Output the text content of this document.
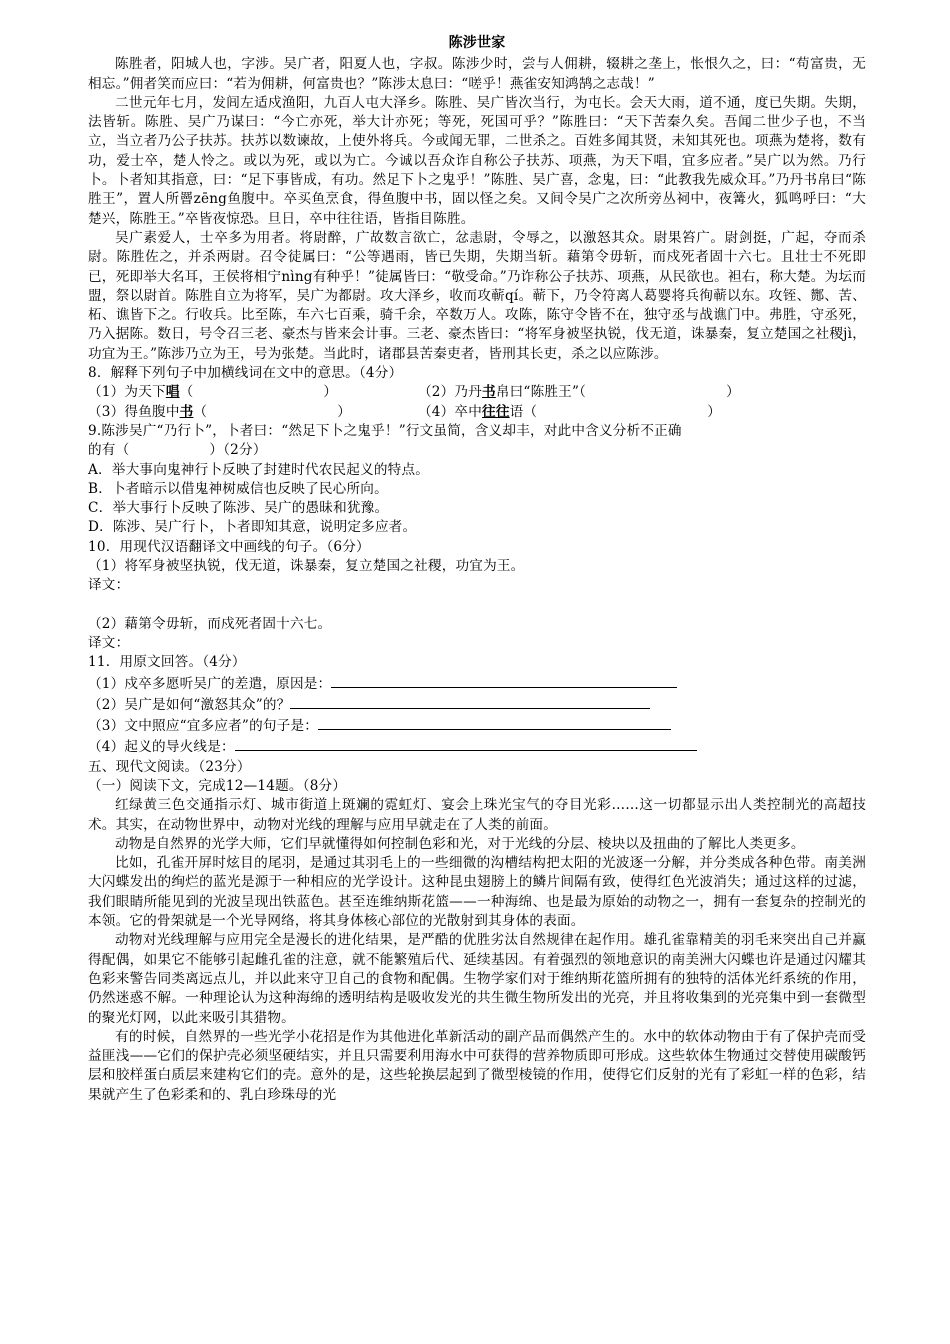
陈涉世家

陈胜者，阳城人也，字涉。吴广者，阳夏人也，字叔。陈涉少时，尝与人佣耕，辍耕之垄上，怅恨久之，曰：“苟富贵，无相忘。”佣者笑而应曰：“若为佣耕，何富贵也？”陈涉太息曰：“嗟乎！燕雀安知鸿鹄之志哉！”

二世元年七月，发闾左适戍渔阳，九百人屯大泽乡。陈胜、吴广皆次当行，为屯长。会天大雨，道不通，度已失期。失期，法皆斩。陈胜、吴广乃谋曰：“今亡亦死，举大计亦死；等死，死国可乎？”陈胜曰：“天下苦秦久矣。吾闻二世少子也，不当立，当立者乃公子扶苏。扶苏以数谏故，上使外将兵。今或闻无罪，二世杀之。百姓多闻其贤，未知其死也。项燕为楚将，数有功，爱士卒，楚人怜之。或以为死，或以为亡。今诚以吾众诈自称公子扶苏、项燕，为天下唱，宜多应者。”吴广以为然。乃行卜。卜者知其指意，曰：“足下事皆成，有功。然足下卜之鬼乎！”陈胜、吴广喜，念鬼，曰：“此教我先威众耳。”乃丹书帛曰“陈胜王”，置人所罾zēng鱼腹中。卒买鱼烹食，得鱼腹中书，固以怪之矣。又间令吴广之次所旁丛祠中，夜篝火，狐鸣呼曰：“大楚兴，陈胜王。”卒皆夜惊恐。旦日，卒中往往语，皆指目陈胜。

吴广素爱人，士卒多为用者。将尉醉，广故数言欲亡，忿恚尉，令辱之，以激怒其众。尉果笞广。尉剑挺，广起，夺而杀尉。陈胜佐之，并杀两尉。召令徒属曰：“公等遇雨，皆已失期，失期当斩。藉第令毋斩，而戍死者固十六七。且壮士不死即已，死即举大名耳，王侯将相宁nìng有种乎！”徒属皆曰：“敬受命。”乃诈称公子扶苏、项燕，从民欲也。袒右，称大楚。为坛而盟，祭以尉首。陈胜自立为将军，吴广为都尉。攻大泽乡，收而攻蕲qí。蕲下，乃令符离人葛婴将兵徇蕲以东。攻铚、酂、苦、柘、谯皆下之。行收兵。比至陈，车六七百乘，骑千余，卒数万人。攻陈，陈守令皆不在，独守丞与战谯门中。弗胜，守丞死，乃入据陈。数日，号令召三老、豪杰与皆来会计事。三老、豪杰皆曰：“将军身被坚执锐，伐无道，诛暴秦，复立楚国之社稷jì，功宜为王。”陈涉乃立为王，号为张楚。当此时，诸郡县苦秦吏者，皆刑其长吏，杀之以应陈涉。

8．解释下列句子中加横线词在文中的意思。（4分）

（1）为天下唱（	）	（2）乃丹书帛曰“陈胜王”（	）
（3）得鱼腹中书（	）	（4）卒中往往语（	）

9.陈涉吴广“乃行卜”，卜者曰：“然足下卜之鬼乎！”行文虽简，含义却丰，对此中含义分析不正确

的有（	）（2分）

A．举大事向鬼神行卜反映了封建时代农民起义的特点。

B．卜者暗示以借鬼神树威信也反映了民心所向。

C．举大事行卜反映了陈涉、吴广的愚昧和犹豫。

D．陈涉、吴广行卜，卜者即知其意，说明定多应者。

10．用现代汉语翻译文中画线的句子。（6分）

（1）将军身被坚执锐，伐无道，诛暴秦，复立楚国之社稷，功宜为王。

译文：

（2）藉第令毋斩，而戍死者固十六七。

译文：

11．用原文回答。（4分）

（1）戍卒多愿听吴广的差遣，原因是：

（2）吴广是如何“激怒其众”的？

（3）文中照应“宜多应者”的句子是：

（4）起义的导火线是：

五、现代文阅读。（23分）

（一）阅读下文，完成12—14题。（8分）

红绿黄三色交通指示灯、城市街道上斑斓的霓虹灯、宴会上珠光宝气的夺目光彩……这一切都显示出人类控制光的高超技术。其实，在动物世界中，动物对光线的理解与应用早就走在了人类的前面。

动物是自然界的光学大师，它们早就懂得如何控制色彩和光，对于光线的分层、棱块以及扭曲的了解比人类更多。

比如，孔雀开屏时炫目的尾羽，是通过其羽毛上的一些细微的沟槽结构把太阳的光波逐一分解，并分类成各种色带。南美洲大闪蝶发出的绚烂的蓝光是源于一种相应的光学设计。这种昆虫翅膀上的鳞片间隔有致，使得红色光波消失；通过这样的过滤，我们眼睛所能见到的光波呈现出铁蓝色。甚至连维纳斯花篮——一种海绵、也是最为原始的动物之一，拥有一套复杂的控制光的本领。它的骨架就是一个光导网络，将其身体核心部位的光散射到其身体的表面。

动物对光线理解与应用完全是漫长的进化结果，是严酷的优胜劣汰自然规律在起作用。雄孔雀靠精美的羽毛来突出自己并赢得配偶，如果它不能够引起雌孔雀的注意，就不能繁殖后代、延续基因。有着强烈的领地意识的南美洲大闪蝶也许是通过闪耀其色彩来警告同类离远点儿，并以此来守卫自己的食物和配偶。生物学家们对于维纳斯花篮所拥有的独特的活体光纤系统的作用，仍然迷惑不解。一种理论认为这种海绵的透明结构是吸收发光的共生微生物所发出的光亮，并且将收集到的光亮集中到一套微型的聚光灯网，以此来吸引其猎物。

有的时候，自然界的一些光学小花招是作为其他进化革新活动的副产品而偶然产生的。水中的软体动物由于有了保护壳而受益匪浅——它们的保护壳必须坚硬结实，并且只需要利用海水中可获得的营养物质即可形成。这些软体生物通过交替使用碳酸钙层和胶样蛋白质层来建构它们的壳。意外的是，这些轮换层起到了微型棱镜的作用，使得它们反射的光有了彩虹一样的色彩，结果就产生了色彩柔和的、乳白珍珠母的光
